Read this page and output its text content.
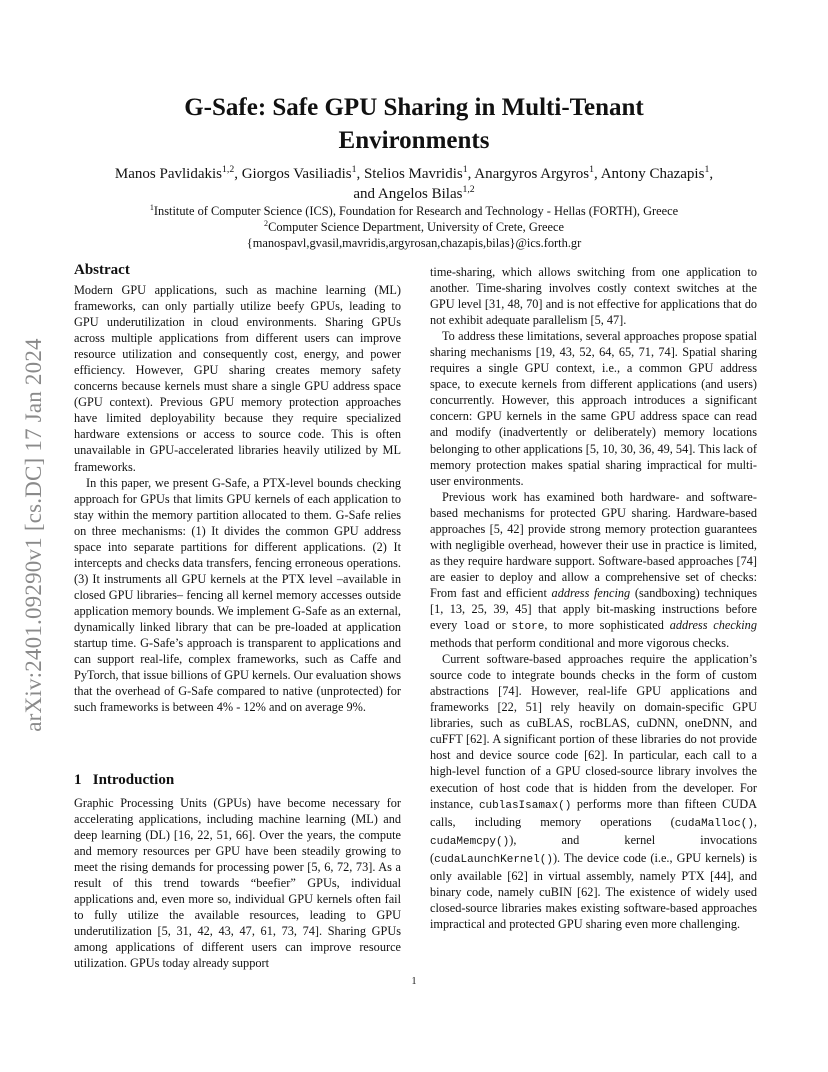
arXiv:2401.09290v1 [cs.DC] 17 Jan 2024
G-Safe: Safe GPU Sharing in Multi-Tenant
Environments
Manos Pavlidakis$^{1,2}$, Giorgos Vasiliadis$^1$, Stelios Mavridis$^1$, Anargyros Argyros$^1$, Antony Chazapis$^1$,
and Angelos Bilas$^{1,2}$
$^1$Institute of Computer Science (ICS), Foundation for Research and Technology - Hellas (FORTH), Greece
$^2$Computer Science Department, University of Crete, Greece
{manospavl,gvasil,mavridis,argyrosan,chazapis,bilas}@ics.forth.gr
Abstract

Modern GPU applications, such as machine learning (ML) frameworks, can only partially utilize beefy GPUs, leading to GPU underutilization in cloud environments. Sharing GPUs across multiple applications from different users can improve resource utilization and consequently cost, energy, and power efficiency. However, GPU sharing creates memory safety concerns because kernels must share a single GPU address space (GPU context). Previous GPU memory protection approaches have limited deployability because they require specialized hardware extensions or access to source code. This is often unavailable in GPU-accelerated libraries heavily utilized by ML frameworks.

In this paper, we present G-Safe, a PTX-level bounds checking approach for GPUs that limits GPU kernels of each application to stay within the memory partition allocated to them. G-Safe relies on three mechanisms: (1) It divides the common GPU address space into separate partitions for different applications. (2) It intercepts and checks data transfers, fencing erroneous operations. (3) It instruments all GPU kernels at the PTX level –available in closed GPU libraries– fencing all kernel memory accesses outside application memory bounds. We implement G-Safe as an external, dynamically linked library that can be pre-loaded at application startup time. G-Safe’s approach is transparent to applications and can support real-life, complex frameworks, such as Caffe and PyTorch, that issue billions of GPU kernels. Our evaluation shows that the overhead of G-Safe compared to native (unprotected) for such frameworks is between 4% - 12% and on average 9%.

1 Introduction

Graphic Processing Units (GPUs) have become necessary for accelerating applications, including machine learning (ML) and deep learning (DL) [16, 22, 51, 66]. Over the years, the compute and memory resources per GPU have been steadily growing to meet the rising demands for processing power [5, 6, 72, 73]. As a result of this trend towards “beefier” GPUs, individual applications and, even more so, individual GPU kernels often fail to fully utilize the available resources, leading to GPU underutilization [5, 31, 42, 43, 47, 61, 73, 74]. Sharing GPUs among applications of different users can improve resource utilization. GPUs today already support

time-sharing, which allows switching from one application to another. Time-sharing involves costly context switches at the GPU level [31, 48, 70] and is not effective for applications that do not exhibit adequate parallelism [5, 47].

To address these limitations, several approaches propose spatial sharing mechanisms [19, 43, 52, 64, 65, 71, 74]. Spatial sharing requires a single GPU context, i.e., a common GPU address space, to execute kernels from different applications (and users) concurrently. However, this approach introduces a significant concern: GPU kernels in the same GPU address space can read and modify (inadvertently or deliberately) memory locations belonging to other applications [5, 10, 30, 36, 49, 54]. This lack of memory protection makes spatial sharing impractical for multi-user environments.

Previous work has examined both hardware- and software-based mechanisms for protected GPU sharing. Hardware-based approaches [5, 42] provide strong memory protection guarantees with negligible overhead, however their use in practice is limited, as they require hardware support. Software-based approaches [74] are easier to deploy and allow a comprehensive set of checks: From fast and efficient address fencing (sandboxing) techniques [1, 13, 25, 39, 45] that apply bit-masking instructions before every load or store, to more sophisticated address checking methods that perform conditional and more vigorous checks.

Current software-based approaches require the application’s source code to integrate bounds checks in the form of custom abstractions [74]. However, real-life GPU applications and frameworks [22, 51] rely heavily on domain-specific GPU libraries, such as cuBLAS, rocBLAS, cuDNN, oneDNN, and cuFFT [62]. A significant portion of these libraries do not provide host and device source code [62]. In particular, each call to a high-level function of a GPU closed-source library involves the execution of host code that is hidden from the developer. For instance, cublasIsamax() performs more than fifteen CUDA calls, including memory operations (cudaMalloc(), cudaMemcpy()), and kernel invocations (cudaLaunchKernel()). The device code (i.e., GPU kernels) is only available [62] in virtual assembly, namely PTX [44], and binary code, namely cuBIN [62]. The existence of widely used closed-source libraries makes existing software-based approaches impractical and protected GPU sharing even more challenging.

1
